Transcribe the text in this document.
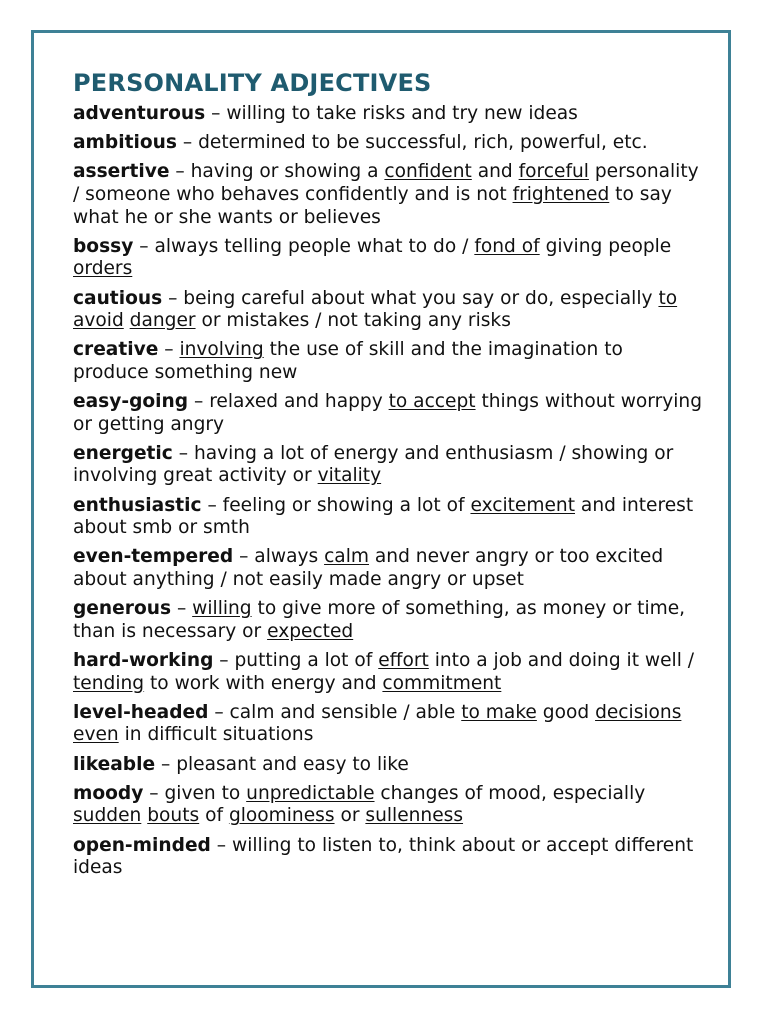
PERSONALITY ADJECTIVES
adventurous – willing to take risks and try new ideas
ambitious – determined to be successful, rich, powerful, etc.
assertive – having or showing a confident and forceful personality / someone who behaves confidently and is not frightened to say what he or she wants or believes
bossy – always telling people what to do / fond of giving people orders
cautious – being careful about what you say or do, especially to avoid danger or mistakes / not taking any risks
creative – involving the use of skill and the imagination to produce something new
easy-going – relaxed and happy to accept things without worrying or getting angry
energetic – having a lot of energy and enthusiasm / showing or involving great activity or vitality
enthusiastic – feeling or showing a lot of excitement and interest about smb or smth
even-tempered – always calm and never angry or too excited about anything / not easily made angry or upset
generous – willing to give more of something, as money or time, than is necessary or expected
hard-working – putting a lot of effort into a job and doing it well / tending to work with energy and commitment
level-headed – calm and sensible / able to make good decisions even in difficult situations
likeable – pleasant and easy to like
moody – given to unpredictable changes of mood, especially sudden bouts of gloominess or sullenness
open-minded – willing to listen to, think about or accept different ideas
